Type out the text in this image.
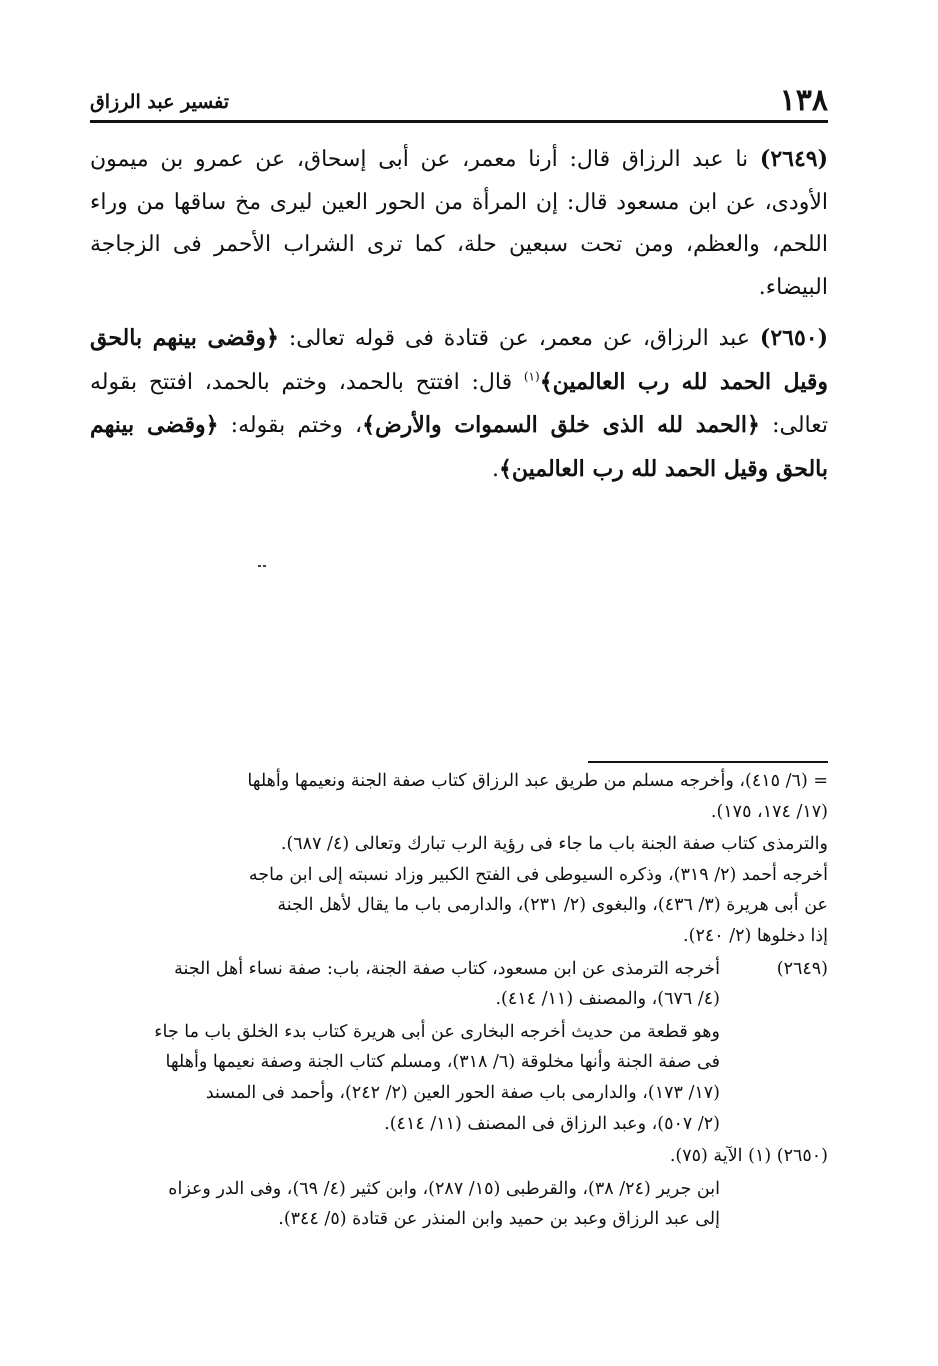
١٣٨
تفسير عبد الرزاق

(٢٦٤٩) نا عبد الرزاق قال: أرنا معمر، عن أبى إسحاق، عن عمرو بن ميمون الأودى، عن ابن مسعود قال: إن المرأة من الحور العين ليرى مخ ساقها من وراء اللحم، والعظم، ومن تحت سبعين حلة، كما ترى الشراب الأحمر فى الزجاجة البيضاء.

(٢٦٥٠) عبد الرزاق، عن معمر، عن قتادة فى قوله تعالى: ﴿وقضى بينهم بالحق وقيل الحمد لله رب العالمين﴾$^{(١)}$ قال: افتتح بالحمد، وختم بالحمد، افتتح بقوله تعالى: ﴿الحمد لله الذى خلق السموات والأرض﴾، وختم بقوله: ﴿وقضى بينهم بالحق وقيل الحمد لله رب العالمين﴾.

= (٦/ ٤١٥)، وأخرجه مسلم من طريق عبد الرزاق كتاب صفة الجنة ونعيمها وأهلها
(١٧/ ١٧٤، ١٧٥).
والترمذى كتاب صفة الجنة باب ما جاء فى رؤية الرب تبارك وتعالى (٤/ ٦٨٧).
أخرجه أحمد (٢/ ٣١٩)، وذكره السيوطى فى الفتح الكبير وزاد نسبته إلى ابن ماجه
عن أبى هريرة (٣/ ٤٣٦)، والبغوى (٢/ ٢٣١)، والدارمى باب ما يقال لأهل الجنة
إذا دخلوها (٢/ ٢٤٠).
(٢٦٤٩)
أخرجه الترمذى عن ابن مسعود، كتاب صفة الجنة، باب: صفة نساء أهل الجنة
(٤/ ٦٧٦)، والمصنف (١١/ ٤١٤).
وهو قطعة من حديث أخرجه البخارى عن أبى هريرة كتاب بدء الخلق باب ما جاء
فى صفة الجنة وأنها مخلوقة (٦/ ٣١٨)، ومسلم كتاب الجنة وصفة نعيمها وأهلها
(١٧/ ١٧٣)، والدارمى باب صفة الحور العين (٢/ ٢٤٢)، وأحمد فى المسند
(٢/ ٥٠٧)، وعبد الرزاق فى المصنف (١١/ ٤١٤).
(٢٦٥٠) (١) الآية (٧٥).
ابن جرير (٢٤/ ٣٨)، والقرطبى (١٥/ ٢٨٧)، وابن كثير (٤/ ٦٩)، وفى الدر وعزاه
إلى عبد الرزاق وعبد بن حميد وابن المنذر عن قتادة (٥/ ٣٤٤).
